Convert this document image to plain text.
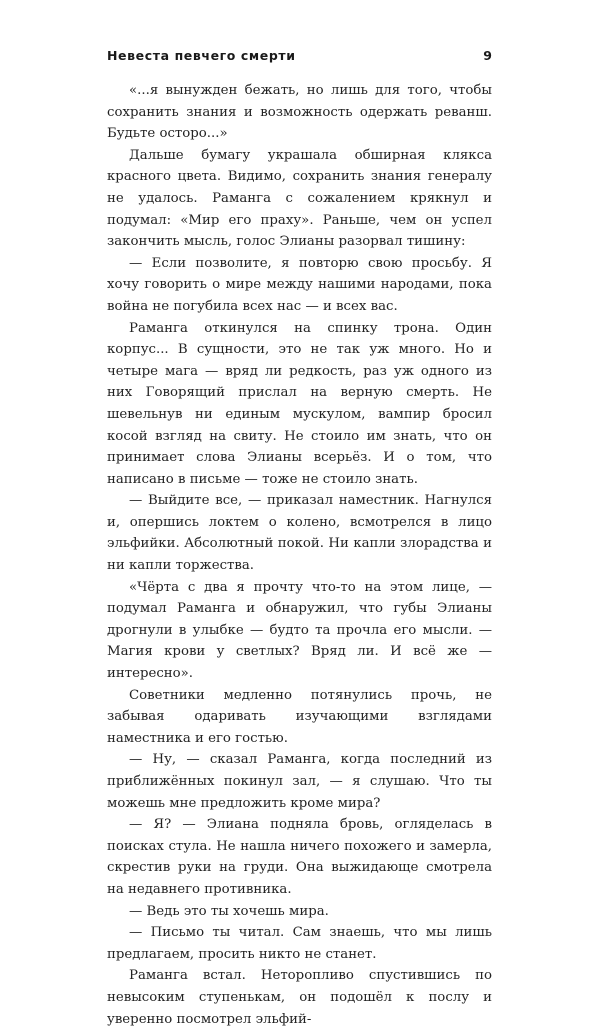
Невеста певчего смерти	9

«...я вынужден бежать, но лишь для того, чтобы сохранить знания и возможность одержать реванш. Будьте осторо...»

Дальше бумагу украшала обширная клякса красного цвета. Видимо, сохранить знания генералу не удалось. Раманга с сожалением крякнул и подумал: «Мир его праху». Раньше, чем он успел закончить мысль, голос Элианы разорвал тишину:

— Если позволите, я повторю свою просьбу. Я хочу говорить о мире между нашими народами, пока война не погубила всех нас — и всех вас.

Раманга откинулся на спинку трона. Один корпус... В сущности, это не так уж много. Но и четыре мага — вряд ли редкость, раз уж одного из них Говорящий прислал на верную смерть. Не шевельнув ни единым мускулом, вампир бросил косой взгляд на свиту. Не стоило им знать, что он принимает слова Элианы всерьёз. И о том, что написано в письме — тоже не стоило знать.

— Выйдите все, — приказал наместник. Нагнулся и, опершись локтем о колено, всмотрелся в лицо эльфийки. Абсолютный покой. Ни капли злорадства и ни капли торжества.

«Чёрта с два я прочту что-то на этом лице, — подумал Раманга и обнаружил, что губы Элианы дрогнули в улыбке — будто та прочла его мысли. — Магия крови у светлых? Вряд ли. И всё же — интересно».

Советники медленно потянулись прочь, не забывая одаривать изучающими взглядами наместника и его гостью.

— Ну, — сказал Раманга, когда последний из приближённых покинул зал, — я слушаю. Что ты можешь мне предложить кроме мира?

— Я? — Элиана подняла бровь, огляделась в поисках стула. Не нашла ничего похожего и замерла, скрестив руки на груди. Она выжидающе смотрела на недавнего противника.

— Ведь это ты хочешь мира.

— Письмо ты читал. Сам знаешь, что мы лишь предлагаем, просить никто не станет.

Раманга встал. Неторопливо спустившись по невысоким ступенькам, он подошёл к послу и уверенно посмотрел эльфий-
